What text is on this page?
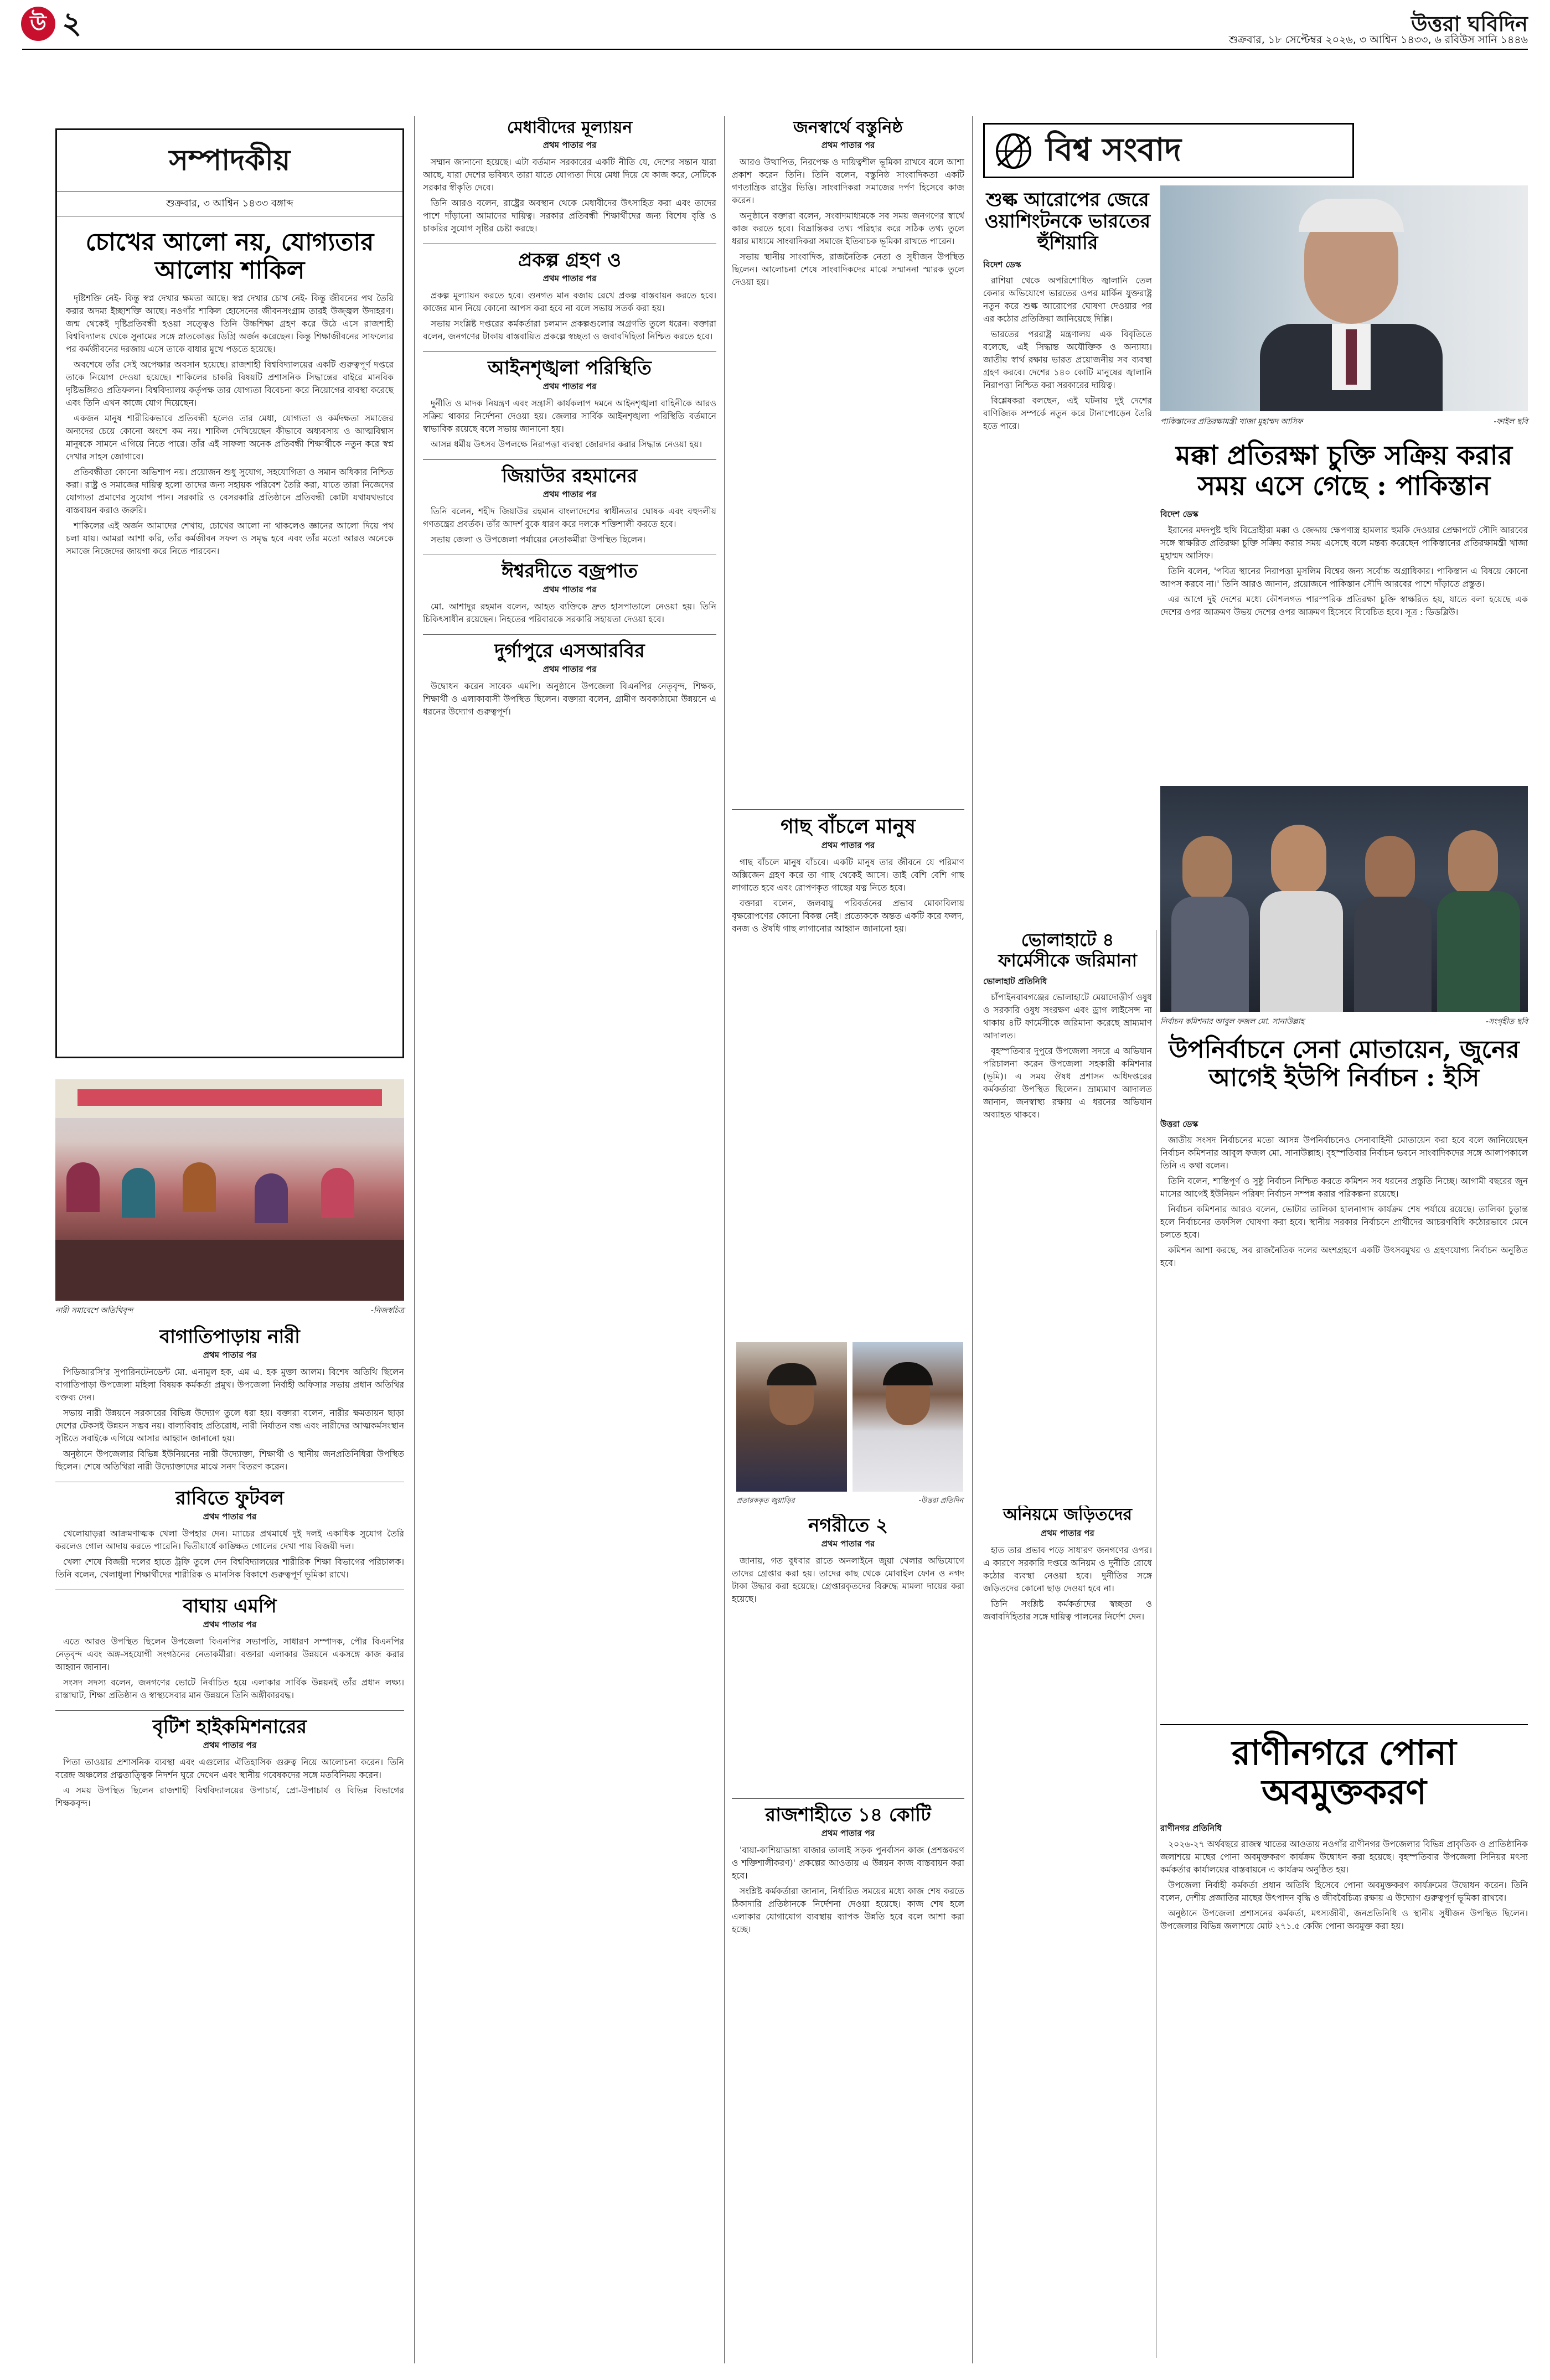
উ ২	উত্তরা ঘবিদিন
শুক্রবার, ১৮ সেপ্টেম্বর ২০২৬, ৩ আশ্বিন ১৪৩৩, ৬ রবিউস সানি ১৪৪৬
সম্পাদকীয়
শুক্রবার, ৩ আশ্বিন ১৪৩৩ বঙ্গাব্দ
চোখের আলো নয়, যোগ্যতার আলোয় শাকিল

দৃষ্টিশক্তি নেই- কিন্তু স্বপ্ন দেখার ক্ষমতা আছে। স্বপ্ন দেখার চোখ নেই- কিন্তু জীবনের পথ তৈরি করার অদম্য ইচ্ছাশক্তি আছে। নওগাঁর শাকিল হোসেনের জীবনসংগ্রাম তারই উজ্জ্বল উদাহরণ। জন্ম থেকেই দৃষ্টিপ্রতিবন্ধী হওয়া সত্ত্বেও তিনি উচ্চশিক্ষা গ্রহণ করে উঠে এসে রাজশাহী বিশ্ববিদ্যালয় থেকে সুনামের সঙ্গে স্নাতকোত্তর ডিগ্রি অর্জন করেছেন। কিন্তু শিক্ষাজীবনের সাফল্যের পর কর্মজীবনের দরজায় এসে তাকে বাধার মুখে পড়তে হয়েছে।

অবশেষে তাঁর সেই অপেক্ষার অবসান হয়েছে। রাজশাহী বিশ্ববিদ্যালয়ের একটি গুরুত্বপূর্ণ দপ্তরে তাকে নিয়োগ দেওয়া হয়েছে। শাকিলের চাকরি বিষয়টি প্রশাসনিক সিদ্ধান্তের বাইরে মানবিক দৃষ্টিভঙ্গিরও প্রতিফলন। বিশ্ববিদ্যালয় কর্তৃপক্ষ তার যোগ্যতা বিবেচনা করে নিয়োগের ব্যবস্থা করেছে এবং তিনি এখন কাজে যোগ দিয়েছেন।

একজন মানুষ শারীরিকভাবে প্রতিবন্ধী হলেও তার মেধা, যোগ্যতা ও কর্মদক্ষতা সমাজের অন্যদের চেয়ে কোনো অংশে কম নয়। শাকিল দেখিয়েছেন কীভাবে অধ্যবসায় ও আত্মবিশ্বাস মানুষকে সামনে এগিয়ে নিতে পারে। তাঁর এই সাফল্য অনেক প্রতিবন্ধী শিক্ষার্থীকে নতুন করে স্বপ্ন দেখার সাহস জোগাবে।

প্রতিবন্ধীতা কোনো অভিশাপ নয়। প্রয়োজন শুধু সুযোগ, সহযোগিতা ও সমান অধিকার নিশ্চিত করা। রাষ্ট্র ও সমাজের দায়িত্ব হলো তাদের জন্য সহায়ক পরিবেশ তৈরি করা, যাতে তারা নিজেদের যোগ্যতা প্রমাণের সুযোগ পান। সরকারি ও বেসরকারি প্রতিষ্ঠানে প্রতিবন্ধী কোটা যথাযথভাবে বাস্তবায়ন করাও জরুরি।

শাকিলের এই অর্জন আমাদের শেখায়, চোখের আলো না থাকলেও জ্ঞানের আলো দিয়ে পথ চলা যায়। আমরা আশা করি, তাঁর কর্মজীবন সফল ও সমৃদ্ধ হবে এবং তাঁর মতো আরও অনেকে সমাজে নিজেদের জায়গা করে নিতে পারবেন।

নারী সমাবেশে অতিথিবৃন্দ	-নিজস্বচিত্র
বাগাতিপাড়ায় নারী
প্রথম পাতার পর

পিডিআরসি'র সুপারিনটেনডেন্ট মো. এনামুল হক, এম এ. হক মুক্তা আলম। বিশেষ অতিথি ছিলেন বাগাতিপাড়া উপজেলা মহিলা বিষয়ক কর্মকর্তা প্রমুখ। উপজেলা নির্বাহী অফিসার সভায় প্রধান অতিথির বক্তব্য দেন।

সভায় নারী উন্নয়নে সরকারের বিভিন্ন উদ্যোগ তুলে ধরা হয়। বক্তারা বলেন, নারীর ক্ষমতায়ন ছাড়া দেশের টেকসই উন্নয়ন সম্ভব নয়। বাল্যবিবাহ প্রতিরোধ, নারী নির্যাতন বন্ধ এবং নারীদের আত্মকর্মসংস্থান সৃষ্টিতে সবাইকে এগিয়ে আসার আহ্বান জানানো হয়।

অনুষ্ঠানে উপজেলার বিভিন্ন ইউনিয়নের নারী উদ্যোক্তা, শিক্ষার্থী ও স্থানীয় জনপ্রতিনিধিরা উপস্থিত ছিলেন। শেষে অতিথিরা নারী উদ্যোক্তাদের মাঝে সনদ বিতরণ করেন।

রাবিতে ফুটবল
প্রথম পাতার পর

খেলোয়াড়রা আক্রমণাত্মক খেলা উপহার দেন। ম্যাচের প্রথমার্ধে দুই দলই একাধিক সুযোগ তৈরি করলেও গোল আদায় করতে পারেনি। দ্বিতীয়ার্ধে কাঙ্ক্ষিত গোলের দেখা পায় বিজয়ী দল।

খেলা শেষে বিজয়ী দলের হাতে ট্রফি তুলে দেন বিশ্ববিদ্যালয়ের শারীরিক শিক্ষা বিভাগের পরিচালক। তিনি বলেন, খেলাধুলা শিক্ষার্থীদের শারীরিক ও মানসিক বিকাশে গুরুত্বপূর্ণ ভূমিকা রাখে।

বাঘায় এমপি
প্রথম পাতার পর

এতে আরও উপস্থিত ছিলেন উপজেলা বিএনপির সভাপতি, সাধারণ সম্পাদক, পৌর বিএনপির নেতৃবৃন্দ এবং অঙ্গ-সহযোগী সংগঠনের নেতাকর্মীরা। বক্তারা এলাকার উন্নয়নে একসঙ্গে কাজ করার আহ্বান জানান।

সংসদ সদস্য বলেন, জনগণের ভোটে নির্বাচিত হয়ে এলাকার সার্বিক উন্নয়নই তাঁর প্রধান লক্ষ্য। রাস্তাঘাট, শিক্ষা প্রতিষ্ঠান ও স্বাস্থ্যসেবার মান উন্নয়নে তিনি অঙ্গীকারবদ্ধ।

বৃটিশ হাইকমিশনারের
প্রথম পাতার পর

পিতা তাওয়ার প্রশাসনিক ব্যবস্থা এবং এগুলোর ঐতিহাসিক গুরুত্ব নিয়ে আলোচনা করেন। তিনি বরেন্দ্র অঞ্চলের প্রত্নতাত্ত্বিক নিদর্শন ঘুরে দেখেন এবং স্থানীয় গবেষকদের সঙ্গে মতবিনিময় করেন।

এ সময় উপস্থিত ছিলেন রাজশাহী বিশ্ববিদ্যালয়ের উপাচার্য, প্রো-উপাচার্য ও বিভিন্ন বিভাগের শিক্ষকবৃন্দ।

মেধাবীদের মূল্যায়ন
প্রথম পাতার পর

সম্মান জানানো হয়েছে। এটা বর্তমান সরকারের একটি নীতি যে, দেশের সন্তান যারা আছে, যারা দেশের ভবিষ্যৎ তারা যাতে যোগ্যতা দিয়ে মেধা দিয়ে যে কাজ করে, সেটিকে সরকার স্বীকৃতি দেবে।

তিনি আরও বলেন, রাষ্ট্রের অবস্থান থেকে মেধাবীদের উৎসাহিত করা এবং তাদের পাশে দাঁড়ানো আমাদের দায়িত্ব। সরকার প্রতিবন্ধী শিক্ষার্থীদের জন্য বিশেষ বৃত্তি ও চাকরির সুযোগ সৃষ্টির চেষ্টা করছে।

প্রকল্প গ্রহণ ও
প্রথম পাতার পর

প্রকল্প মূল্যায়ন করতে হবে। গুনগত মান বজায় রেখে প্রকল্প বাস্তবায়ন করতে হবে। কাজের মান নিয়ে কোনো আপস করা হবে না বলে সভায় সতর্ক করা হয়।

সভায় সংশ্লিষ্ট দপ্তরের কর্মকর্তারা চলমান প্রকল্পগুলোর অগ্রগতি তুলে ধরেন। বক্তারা বলেন, জনগণের টাকায় বাস্তবায়িত প্রকল্পে স্বচ্ছতা ও জবাবদিহিতা নিশ্চিত করতে হবে।

আইনশৃঙ্খলা পরিস্থিতি
প্রথম পাতার পর

দুর্নীতি ও মাদক নিয়ন্ত্রণ এবং সন্ত্রাসী কার্যকলাপ দমনে আইনশৃঙ্খলা বাহিনীকে আরও সক্রিয় থাকার নির্দেশনা দেওয়া হয়। জেলার সার্বিক আইনশৃঙ্খলা পরিস্থিতি বর্তমানে স্বাভাবিক রয়েছে বলে সভায় জানানো হয়।

আসন্ন ধর্মীয় উৎসব উপলক্ষে নিরাপত্তা ব্যবস্থা জোরদার করার সিদ্ধান্ত নেওয়া হয়।

জিয়াউর রহমানের
প্রথম পাতার পর

তিনি বলেন, শহীদ জিয়াউর রহমান বাংলাদেশের স্বাধীনতার ঘোষক এবং বহুদলীয় গণতন্ত্রের প্রবর্তক। তাঁর আদর্শ বুকে ধারণ করে দলকে শক্তিশালী করতে হবে।

সভায় জেলা ও উপজেলা পর্যায়ের নেতাকর্মীরা উপস্থিত ছিলেন।

ঈশ্বরদীতে বজ্রপাত
প্রথম পাতার পর

মো. আশাদুর রহমান বলেন, আহত ব্যক্তিকে দ্রুত হাসপাতালে নেওয়া হয়। তিনি চিকিৎসাধীন রয়েছেন। নিহতের পরিবারকে সরকারি সহায়তা দেওয়া হবে।

দুর্গাপুরে এসআরবির
প্রথম পাতার পর

উদ্বোধন করেন সাবেক এমপি। অনুষ্ঠানে উপজেলা বিএনপির নেতৃবৃন্দ, শিক্ষক, শিক্ষার্থী ও এলাকাবাসী উপস্থিত ছিলেন। বক্তারা বলেন, গ্রামীণ অবকাঠামো উন্নয়নে এ ধরনের উদ্যোগ গুরুত্বপূর্ণ।

জনস্বার্থে বস্তুনিষ্ঠ
প্রথম পাতার পর

আরও উত্থাপিত, নিরপেক্ষ ও দায়িত্বশীল ভূমিকা রাখবে বলে আশা প্রকাশ করেন তিনি। তিনি বলেন, বস্তুনিষ্ঠ সাংবাদিকতা একটি গণতান্ত্রিক রাষ্ট্রের ভিত্তি। সাংবাদিকরা সমাজের দর্পণ হিসেবে কাজ করেন।

অনুষ্ঠানে বক্তারা বলেন, সংবাদমাধ্যমকে সব সময় জনগণের স্বার্থে কাজ করতে হবে। বিভ্রান্তিকর তথ্য পরিহার করে সঠিক তথ্য তুলে ধরার মাধ্যমে সাংবাদিকরা সমাজে ইতিবাচক ভূমিকা রাখতে পারেন।

সভায় স্থানীয় সাংবাদিক, রাজনৈতিক নেতা ও সুধীজন উপস্থিত ছিলেন। আলোচনা শেষে সাংবাদিকদের মাঝে সম্মাননা স্মারক তুলে দেওয়া হয়।

গাছ বাঁচলে মানুষ
প্রথম পাতার পর

গাছ বাঁচলে মানুষ বাঁচবে। একটি মানুষ তার জীবনে যে পরিমাণ অক্সিজেন গ্রহণ করে তা গাছ থেকেই আসে। তাই বেশি বেশি গাছ লাগাতে হবে এবং রোপণকৃত গাছের যত্ন নিতে হবে।

বক্তারা বলেন, জলবায়ু পরিবর্তনের প্রভাব মোকাবিলায় বৃক্ষরোপণের কোনো বিকল্প নেই। প্রত্যেককে অন্তত একটি করে ফলদ, বনজ ও ঔষধি গাছ লাগানোর আহ্বান জানানো হয়।

প্রতারককৃত জুয়াড়ির	-উত্তরা প্রতিদিন
নগরীতে ২
প্রথম পাতার পর

জানায়, গত বুধবার রাতে অনলাইনে জুয়া খেলার অভিযোগে তাদের গ্রেপ্তার করা হয়। তাদের কাছ থেকে মোবাইল ফোন ও নগদ টাকা উদ্ধার করা হয়েছে। গ্রেপ্তারকৃতদের বিরুদ্ধে মামলা দায়ের করা হয়েছে।

রাজশাহীতে ১৪ কোটি
প্রথম পাতার পর

'বায়া-কাশিয়াডাঙ্গা বাজার তালাই সড়ক পুনর্বাসন কাজ (প্রশস্তকরণ ও শক্তিশালীকরণ)' প্রকল্পের আওতায় এ উন্নয়ন কাজ বাস্তবায়ন করা হবে।

সংশ্লিষ্ট কর্মকর্তারা জানান, নির্ধারিত সময়ের মধ্যে কাজ শেষ করতে ঠিকাদারি প্রতিষ্ঠানকে নির্দেশনা দেওয়া হয়েছে। কাজ শেষ হলে এলাকার যোগাযোগ ব্যবস্থায় ব্যাপক উন্নতি হবে বলে আশা করা হচ্ছে।

বিশ্ব সংবাদ
শুল্ক আরোপের জেরে ওয়াশিংটনকে ভারতের হুঁশিয়ারি
বিদেশ ডেস্ক

রাশিয়া থেকে অপরিশোধিত জ্বালানি তেল কেনার অভিযোগে ভারতের ওপর মার্কিন যুক্তরাষ্ট্র নতুন করে শুল্ক আরোপের ঘোষণা দেওয়ার পর এর কঠোর প্রতিক্রিয়া জানিয়েছে দিল্লি।

ভারতের পররাষ্ট্র মন্ত্রণালয় এক বিবৃতিতে বলেছে, এই সিদ্ধান্ত অযৌক্তিক ও অন্যায্য। জাতীয় স্বার্থ রক্ষায় ভারত প্রয়োজনীয় সব ব্যবস্থা গ্রহণ করবে। দেশের ১৪০ কোটি মানুষের জ্বালানি নিরাপত্তা নিশ্চিত করা সরকারের দায়িত্ব।

বিশ্লেষকরা বলছেন, এই ঘটনায় দুই দেশের বাণিজ্যিক সম্পর্কে নতুন করে টানাপোড়েন তৈরি হতে পারে।	পাকিস্তানের প্রতিরক্ষামন্ত্রী খাজা মুহাম্মদ আসিফ	-ফাইল ছবি
মক্কা প্রতিরক্ষা চুক্তি সক্রিয় করার সময় এসে গেছে : পাকিস্তান
বিদেশ ডেস্ক

ইরানের মদদপুষ্ট হুথি বিদ্রোহীরা মক্কা ও জেদ্দায় ক্ষেপণাস্ত্র হামলার হুমকি দেওয়ার প্রেক্ষাপটে সৌদি আরবের সঙ্গে স্বাক্ষরিত প্রতিরক্ষা চুক্তি সক্রিয় করার সময় এসেছে বলে মন্তব্য করেছেন পাকিস্তানের প্রতিরক্ষামন্ত্রী খাজা মুহাম্মদ আসিফ।

তিনি বলেন, 'পবিত্র স্থানের নিরাপত্তা মুসলিম বিশ্বের জন্য সর্বোচ্চ অগ্রাধিকার। পাকিস্তান এ বিষয়ে কোনো আপস করবে না।' তিনি আরও জানান, প্রয়োজনে পাকিস্তান সৌদি আরবের পাশে দাঁড়াতে প্রস্তুত।

এর আগে দুই দেশের মধ্যে কৌশলগত পারস্পরিক প্রতিরক্ষা চুক্তি স্বাক্ষরিত হয়, যাতে বলা হয়েছে এক দেশের ওপর আক্রমণ উভয় দেশের ওপর আক্রমণ হিসেবে বিবেচিত হবে। সূত্র : ডিডব্লিউ।

নির্বাচন কমিশনার আবুল ফজল মো. সানাউল্লাহ	-সংগৃহীত ছবি
উপনির্বাচনে সেনা মোতায়েন, জুনের আগেই ইউপি নির্বাচন : ইসি
উত্তরা ডেস্ক

জাতীয় সংসদ নির্বাচনের মতো আসন্ন উপনির্বাচনেও সেনাবাহিনী মোতায়েন করা হবে বলে জানিয়েছেন নির্বাচন কমিশনার আবুল ফজল মো. সানাউল্লাহ। বৃহস্পতিবার নির্বাচন ভবনে সাংবাদিকদের সঙ্গে আলাপকালে তিনি এ কথা বলেন।

তিনি বলেন, শান্তিপূর্ণ ও সুষ্ঠু নির্বাচন নিশ্চিত করতে কমিশন সব ধরনের প্রস্তুতি নিচ্ছে। আগামী বছরের জুন মাসের আগেই ইউনিয়ন পরিষদ নির্বাচন সম্পন্ন করার পরিকল্পনা রয়েছে।

নির্বাচন কমিশনার আরও বলেন, ভোটার তালিকা হালনাগাদ কার্যক্রম শেষ পর্যায়ে রয়েছে। তালিকা চূড়ান্ত হলে নির্বাচনের তফসিল ঘোষণা করা হবে। স্থানীয় সরকার নির্বাচনে প্রার্থীদের আচরণবিধি কঠোরভাবে মেনে চলতে হবে।

কমিশন আশা করছে, সব রাজনৈতিক দলের অংশগ্রহণে একটি উৎসবমুখর ও গ্রহণযোগ্য নির্বাচন অনুষ্ঠিত হবে।

ভোলাহাটে ৪ ফার্মেসীকে জরিমানা
ভোলাহাট প্রতিনিধি

চাঁপাইনবাবগঞ্জের ভোলাহাটে মেয়াদোত্তীর্ণ ওষুধ ও সরকারি ওষুধ সংরক্ষণ এবং ড্রাগ লাইসেন্স না থাকায় ৪টি ফার্মেসীকে জরিমানা করেছে ভ্রাম্যমাণ আদালত।

বৃহস্পতিবার দুপুরে উপজেলা সদরে এ অভিযান পরিচালনা করেন উপজেলা সহকারী কমিশনার (ভূমি)। এ সময় ঔষধ প্রশাসন অধিদপ্তরের কর্মকর্তারা উপস্থিত ছিলেন। ভ্রাম্যমাণ আদালত জানান, জনস্বাস্থ্য রক্ষায় এ ধরনের অভিযান অব্যাহত থাকবে।

অনিয়মে জড়িতদের
প্রথম পাতার পর

হাত তার প্রভাব পড়ে সাধারণ জনগণের ওপর। এ কারণে সরকারি দপ্তরে অনিয়ম ও দুর্নীতি রোধে কঠোর ব্যবস্থা নেওয়া হবে। দুর্নীতির সঙ্গে জড়িতদের কোনো ছাড় দেওয়া হবে না।

তিনি সংশ্লিষ্ট কর্মকর্তাদের স্বচ্ছতা ও জবাবদিহিতার সঙ্গে দায়িত্ব পালনের নির্দেশ দেন।

রাণীনগরে পোনা অবমুক্তকরণ
রাণীনগর প্রতিনিধি

২০২৬-২৭ অর্থবছরে রাজস্ব খাতের আওতায় নওগাঁর রাণীনগর উপজেলার বিভিন্ন প্রাকৃতিক ও প্রাতিষ্ঠানিক জলাশয়ে মাছের পোনা অবমুক্তকরণ কার্যক্রম উদ্বোধন করা হয়েছে। বৃহস্পতিবার উপজেলা সিনিয়র মৎস্য কর্মকর্তার কার্যালয়ের বাস্তবায়নে এ কার্যক্রম অনুষ্ঠিত হয়।

উপজেলা নির্বাহী কর্মকর্তা প্রধান অতিথি হিসেবে পোনা অবমুক্তকরণ কার্যক্রমের উদ্বোধন করেন। তিনি বলেন, দেশীয় প্রজাতির মাছের উৎপাদন বৃদ্ধি ও জীববৈচিত্র্য রক্ষায় এ উদ্যোগ গুরুত্বপূর্ণ ভূমিকা রাখবে।

অনুষ্ঠানে উপজেলা প্রশাসনের কর্মকর্তা, মৎস্যজীবী, জনপ্রতিনিধি ও স্থানীয় সুধীজন উপস্থিত ছিলেন। উপজেলার বিভিন্ন জলাশয়ে মোট ২৭১.৫ কেজি পোনা অবমুক্ত করা হয়।
